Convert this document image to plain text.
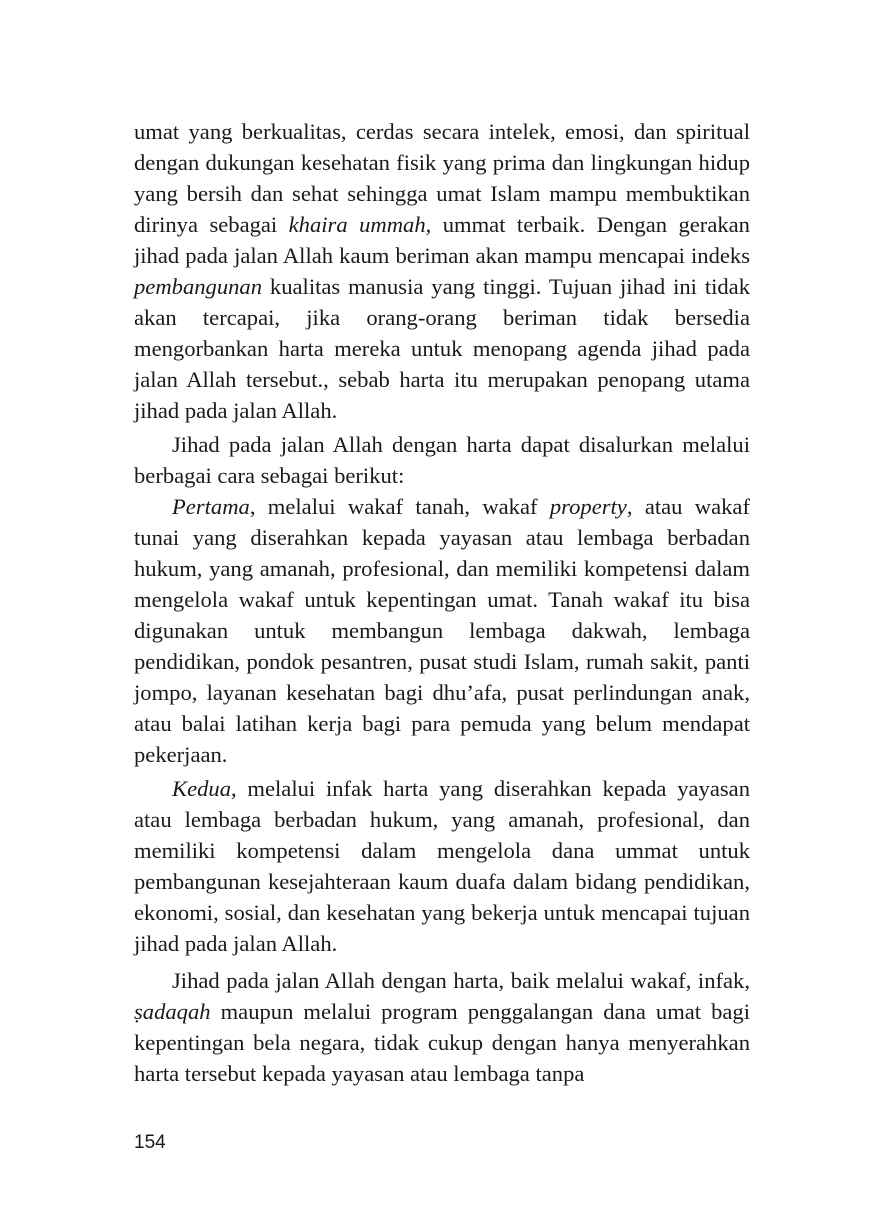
umat yang berkualitas, cerdas secara intelek, emosi, dan spiritual dengan dukungan kesehatan fisik yang prima dan lingkungan hidup yang bersih dan sehat sehingga umat Islam mampu membuktikan dirinya sebagai khaira ummah, ummat terbaik. Dengan gerakan jihad pada jalan Allah kaum beriman akan mampu mencapai indeks pembangunan kualitas manusia yang tinggi. Tujuan jihad ini tidak akan tercapai, jika orang-orang beriman tidak bersedia mengorbankan harta mereka untuk menopang agenda jihad pada jalan Allah tersebut., sebab harta itu merupakan penopang utama jihad pada jalan Allah.

Jihad pada jalan Allah dengan harta dapat disalurkan melalui berbagai cara sebagai berikut:

Pertama, melalui wakaf tanah, wakaf property, atau wakaf tunai yang diserahkan kepada yayasan atau lembaga berbadan hukum, yang amanah, profesional, dan memiliki kompetensi dalam mengelola wakaf untuk kepentingan umat. Tanah wakaf itu bisa digunakan untuk membangun lembaga dakwah, lembaga pendidikan, pondok pesantren, pusat studi Islam, rumah sakit, panti jompo, layanan kesehatan bagi dhu’afa, pusat perlindungan anak, atau balai latihan kerja bagi para pemuda yang belum mendapat pekerjaan.

Kedua, melalui infak harta yang diserahkan kepada yayasan atau lembaga berbadan hukum, yang amanah, profesional, dan memiliki kompetensi dalam mengelola dana ummat untuk pembangunan kesejahteraan kaum duafa dalam bidang pendidikan, ekonomi, sosial, dan kesehatan yang bekerja untuk mencapai tujuan jihad pada jalan Allah.

Jihad pada jalan Allah dengan harta, baik melalui wakaf, infak, ṣadaqah maupun melalui program penggalangan dana umat bagi kepentingan bela negara, tidak cukup dengan hanya menyerahkan harta tersebut kepada yayasan atau lembaga tanpa

154
